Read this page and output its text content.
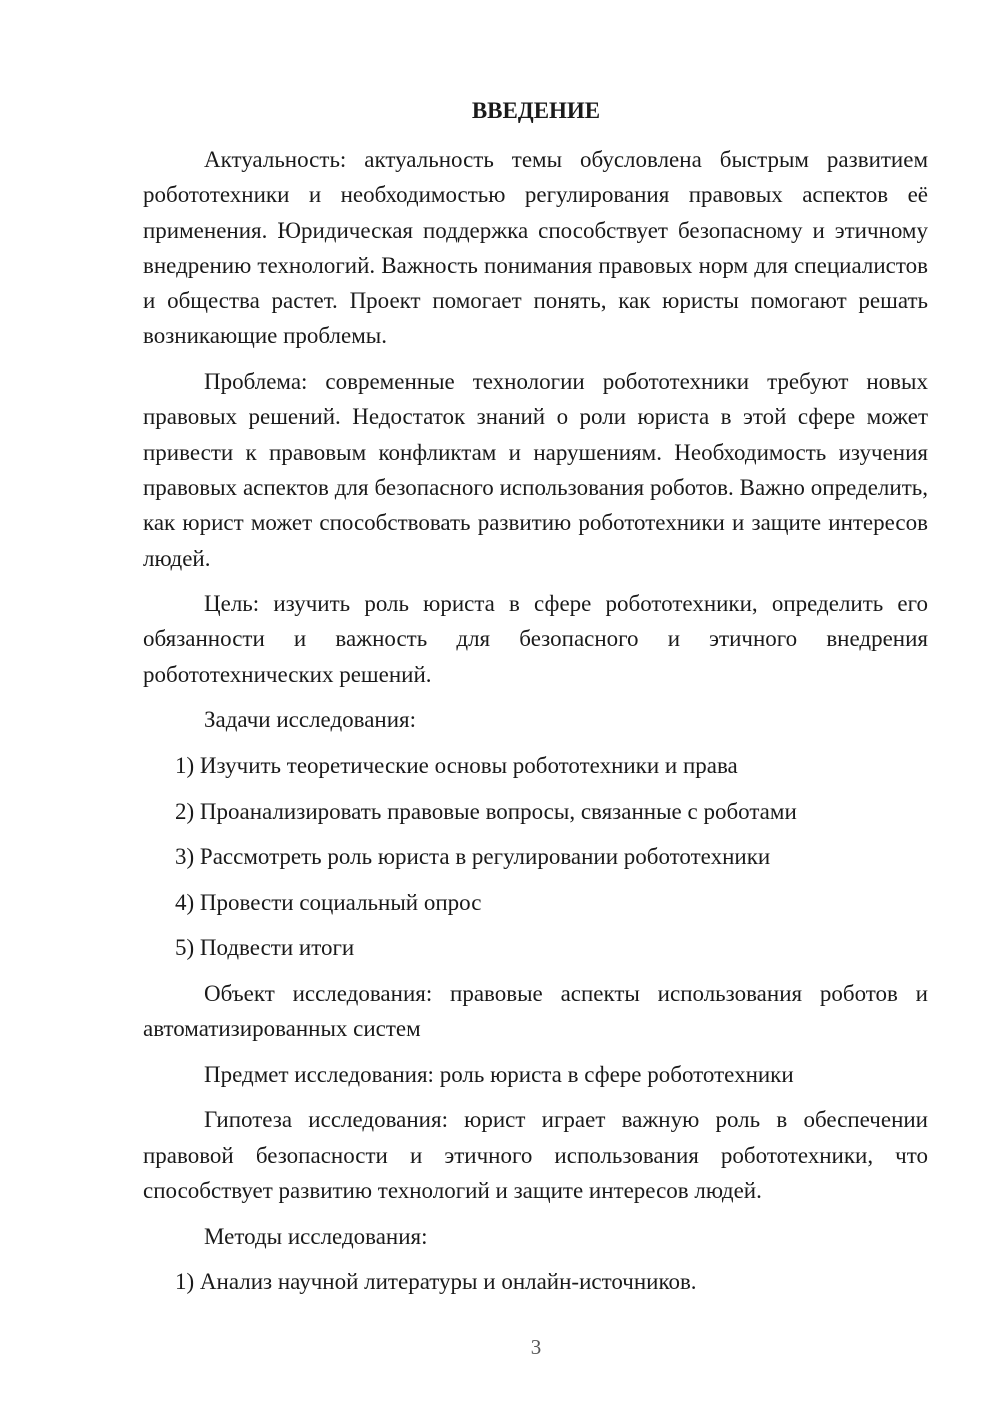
ВВЕДЕНИЕ

Актуальность: актуальность темы обусловлена быстрым развитием робототехники и необходимостью регулирования правовых аспектов её применения. Юридическая поддержка способствует безопасному и этичному внедрению технологий. Важность понимания правовых норм для специалистов и общества растет. Проект помогает понять, как юристы помогают решать возникающие проблемы.

Проблема: современные технологии робототехники требуют новых правовых решений. Недостаток знаний о роли юриста в этой сфере может привести к правовым конфликтам и нарушениям. Необходимость изучения правовых аспектов для безопасного использования роботов. Важно определить, как юрист может способствовать развитию робототехники и защите интересов людей.

Цель: изучить роль юриста в сфере робототехники, определить его обязанности и важность для безопасного и этичного внедрения робототехнических решений.

Задачи исследования:

1) Изучить теоретические основы робототехники и права

2) Проанализировать правовые вопросы, связанные с роботами

3) Рассмотреть роль юриста в регулировании робототехники

4) Провести социальный опрос

5) Подвести итоги

Объект исследования: правовые аспекты использования роботов и автоматизированных систем

Предмет исследования: роль юриста в сфере робототехники

Гипотеза исследования: юрист играет важную роль в обеспечении правовой безопасности и этичного использования робототехники, что способствует развитию технологий и защите интересов людей.

Методы исследования:

1) Анализ научной литературы и онлайн-источников.

3
